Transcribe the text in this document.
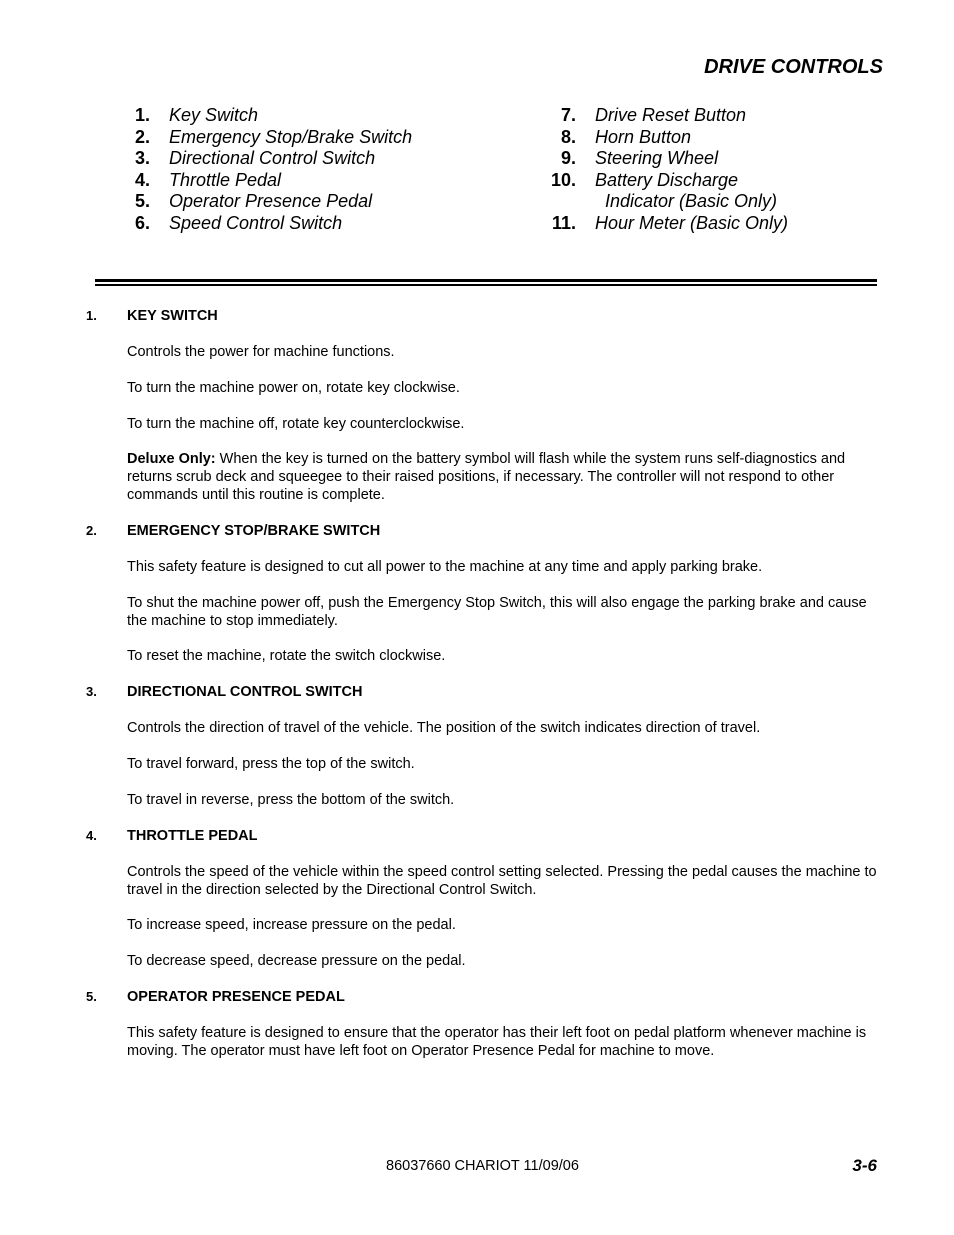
DRIVE CONTROLS
1.	Key Switch
2.	Emergency Stop/Brake Switch
3.	Directional Control Switch
4.	Throttle Pedal
5.	Operator Presence Pedal
6.	Speed Control Switch
7.	Drive Reset Button
8.	Horn Button
9.	Steering Wheel
10.	Battery Discharge
Indicator (Basic Only)
11.	Hour Meter (Basic Only)
1. KEY SWITCH
Controls the power for machine functions.
To turn the machine power on, rotate key clockwise.
To turn the machine off, rotate key counterclockwise.
Deluxe Only: When the key is turned on the battery symbol will flash while the system runs self-diagnostics and returns scrub deck and squeegee to their raised positions, if necessary. The controller will not respond to other commands until this routine is complete.
2. EMERGENCY STOP/BRAKE SWITCH
This safety feature is designed to cut all power to the machine at any time and apply parking brake.
To shut the machine power off, push the Emergency Stop Switch, this will also engage the parking brake and cause the machine to stop immediately.
To reset the machine, rotate the switch clockwise.
3. DIRECTIONAL CONTROL SWITCH
Controls the direction of travel of the vehicle. The position of the switch indicates direction of travel.
To travel forward, press the top of the switch.
To travel in reverse, press the bottom of the switch.
4. THROTTLE PEDAL
Controls the speed of the vehicle within the speed control setting selected. Pressing the pedal causes the machine to travel in the direction selected by the Directional Control Switch.
To increase speed, increase pressure on the pedal.
To decrease speed, decrease pressure on the pedal.
5. OPERATOR PRESENCE PEDAL
This safety feature is designed to ensure that the operator has their left foot on pedal platform whenever machine is moving. The operator must have left foot on Operator Presence Pedal for machine to move.
86037660 CHARIOT 11/09/06	3-6
